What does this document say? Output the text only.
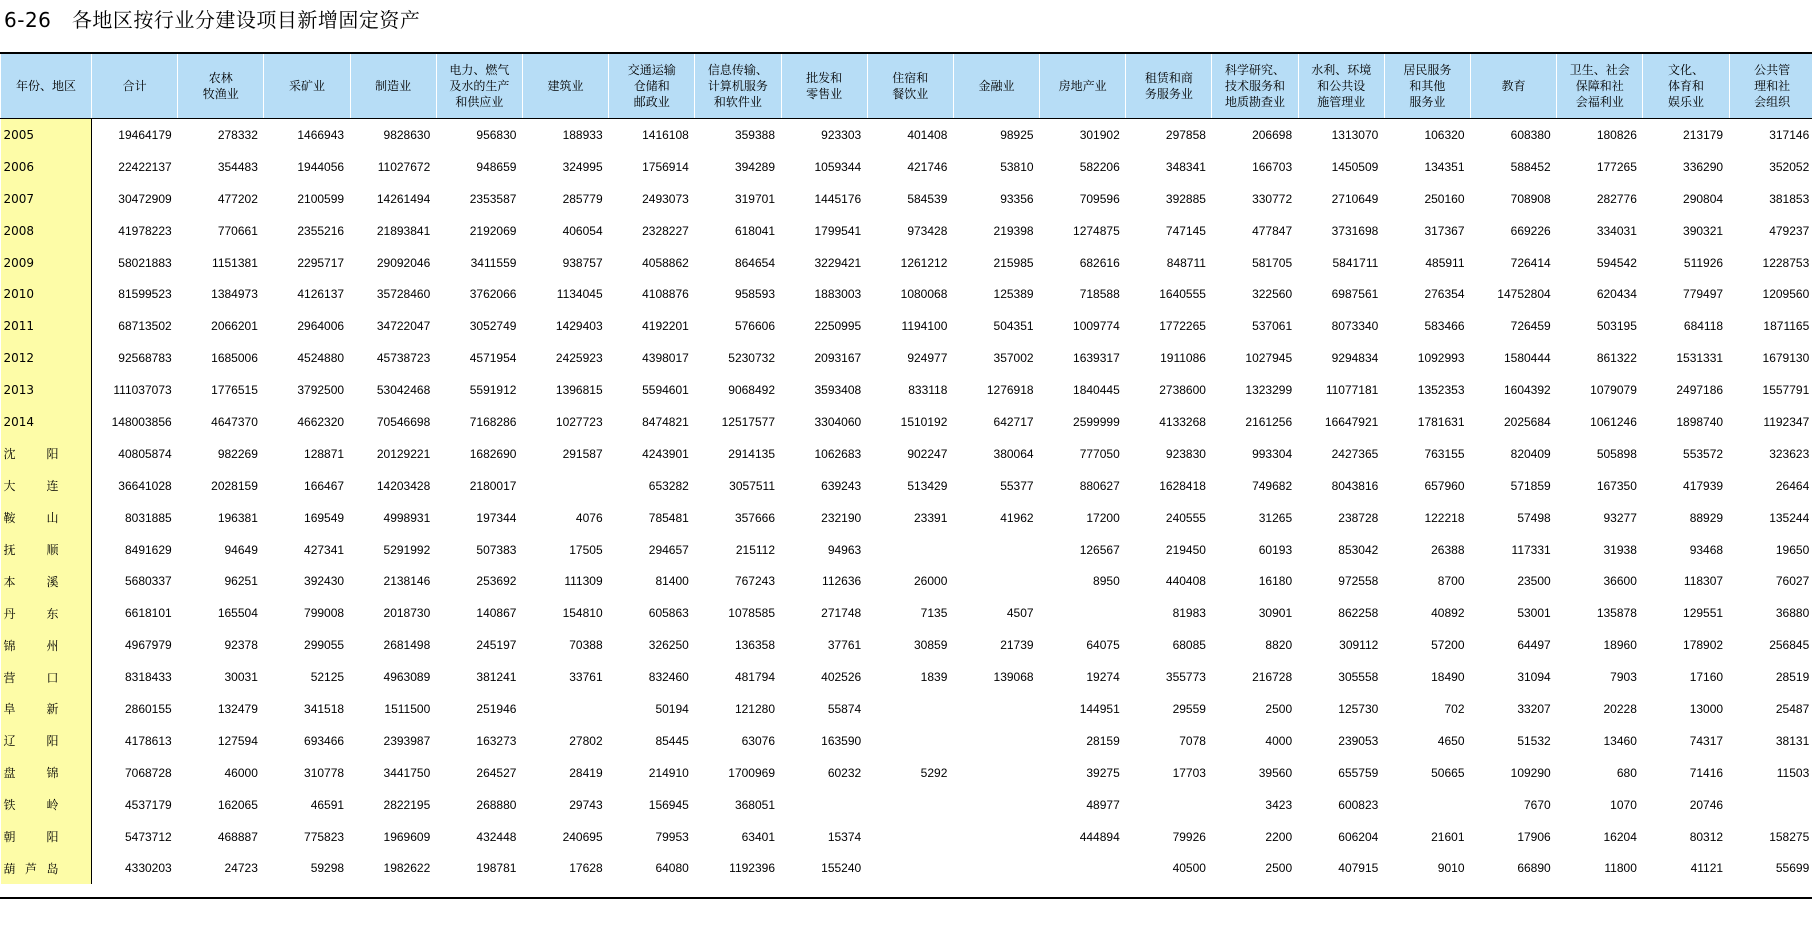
6-26　各地区按行业分建设项目新增固定资产
年份、地区	合计	农林
牧渔业	采矿业	制造业	电力、燃气
及水的生产
和供应业	建筑业	交通运输
仓储和
邮政业	信息传输、
计算机服务
和软件业	批发和
零售业	住宿和
餐饮业	金融业	房地产业	租赁和商
务服务业	科学研究、
技术服务和
地质勘查业	水利、环境
和公共设
施管理业	居民服务
和其他
服务业	教育	卫生、社会
保障和社
会福利业	文化、
体育和
娱乐业	公共管
理和社
会组织
2005	19464179	278332	1466943	9828630	956830	188933	1416108	359388	923303	401408	98925	301902	297858	206698	1313070	106320	608380	180826	213179	317146
2006	22422137	354483	1944056	11027672	948659	324995	1756914	394289	1059344	421746	53810	582206	348341	166703	1450509	134351	588452	177265	336290	352052
2007	30472909	477202	2100599	14261494	2353587	285779	2493073	319701	1445176	584539	93356	709596	392885	330772	2710649	250160	708908	282776	290804	381853
2008	41978223	770661	2355216	21893841	2192069	406054	2328227	618041	1799541	973428	219398	1274875	747145	477847	3731698	317367	669226	334031	390321	479237
2009	58021883	1151381	2295717	29092046	3411559	938757	4058862	864654	3229421	1261212	215985	682616	848711	581705	5841711	485911	726414	594542	511926	1228753
2010	81599523	1384973	4126137	35728460	3762066	1134045	4108876	958593	1883003	1080068	125389	718588	1640555	322560	6987561	276354	14752804	620434	779497	1209560
2011	68713502	2066201	2964006	34722047	3052749	1429403	4192201	576606	2250995	1194100	504351	1009774	1772265	537061	8073340	583466	726459	503195	684118	1871165
2012	92568783	1685006	4524880	45738723	4571954	2425923	4398017	5230732	2093167	924977	357002	1639317	1911086	1027945	9294834	1092993	1580444	861322	1531331	1679130
2013	111037073	1776515	3792500	53042468	5591912	1396815	5594601	9068492	3593408	833118	1276918	1840445	2738600	1323299	11077181	1352353	1604392	1079079	2497186	1557791
2014	148003856	4647370	4662320	70546698	7168286	1027723	8474821	12517577	3304060	1510192	642717	2599999	4133268	2161256	16647921	1781631	2025684	1061246	1898740	1192347

沈 阳	40805874	982269	128871	20129221	1682690	291587	4243901	2914135	1062683	902247	380064	777050	923830	993304	2427365	763155	820409	505898	553572	323623

大 连	36641028	2028159	166467	14203428	2180017		653282	3057511	639243	513429	55377	880627	1628418	749682	8043816	657960	571859	167350	417939	26464

鞍 山	8031885	196381	169549	4998931	197344	4076	785481	357666	232190	23391	41962	17200	240555	31265	238728	122218	57498	93277	88929	135244

抚 顺	8491629	94649	427341	5291992	507383	17505	294657	215112	94963			126567	219450	60193	853042	26388	117331	31938	93468	19650

本 溪	5680337	96251	392430	2138146	253692	111309	81400	767243	112636	26000		8950	440408	16180	972558	8700	23500	36600	118307	76027

丹 东	6618101	165504	799008	2018730	140867	154810	605863	1078585	271748	7135	4507		81983	30901	862258	40892	53001	135878	129551	36880

锦 州	4967979	92378	299055	2681498	245197	70388	326250	136358	37761	30859	21739	64075	68085	8820	309112	57200	64497	18960	178902	256845

营 口	8318433	30031	52125	4963089	381241	33761	832460	481794	402526	1839	139068	19274	355773	216728	305558	18490	31094	7903	17160	28519

阜 新	2860155	132479	341518	1511500	251946		50194	121280	55874			144951	29559	2500	125730	702	33207	20228	13000	25487

辽 阳	4178613	127594	693466	2393987	163273	27802	85445	63076	163590			28159	7078	4000	239053	4650	51532	13460	74317	38131

盘 锦	7068728	46000	310778	3441750	264527	28419	214910	1700969	60232	5292		39275	17703	39560	655759	50665	109290	680	71416	11503

铁 岭	4537179	162065	46591	2822195	268880	29743	156945	368051				48977		3423	600823		7670	1070	20746	

朝 阳	5473712	468887	775823	1969609	432448	240695	79953	63401	15374			444894	79926	2200	606204	21601	17906	16204	80312	158275

葫 芦 岛	4330203	24723	59298	1982622	198781	17628	64080	1192396	155240				40500	2500	407915	9010	66890	11800	41121	55699
